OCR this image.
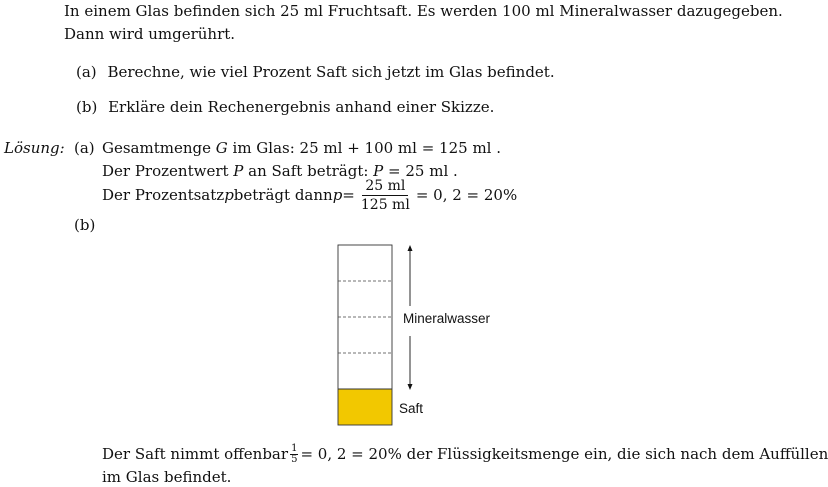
In einem Glas befinden sich 25 ml Fruchtsaft. Es werden 100 ml Mineralwasser dazugegeben.
Dann wird umgerührt.
(a) Berechne, wie viel Prozent Saft sich jetzt im Glas befindet.
(b) Erkläre dein Rechenergebnis anhand einer Skizze.
Lösung: (a) Gesamtmenge G im Glas: 25 ml + 100 ml = 125 ml .
Der Prozentwert P an Saft beträgt: P = 25 ml .
Der Prozentsatz p beträgt dann $p = \frac{25 ml}{125 ml} = 0$, 2 = 20%
(b)
Mineralwasser
Saft
Der Saft nimmt offenbar $\frac{1}{5} = 0$, 2 = 20% der Flüssigkeitsmenge ein, die sich nach dem Auffüllen
im Glas befindet.
